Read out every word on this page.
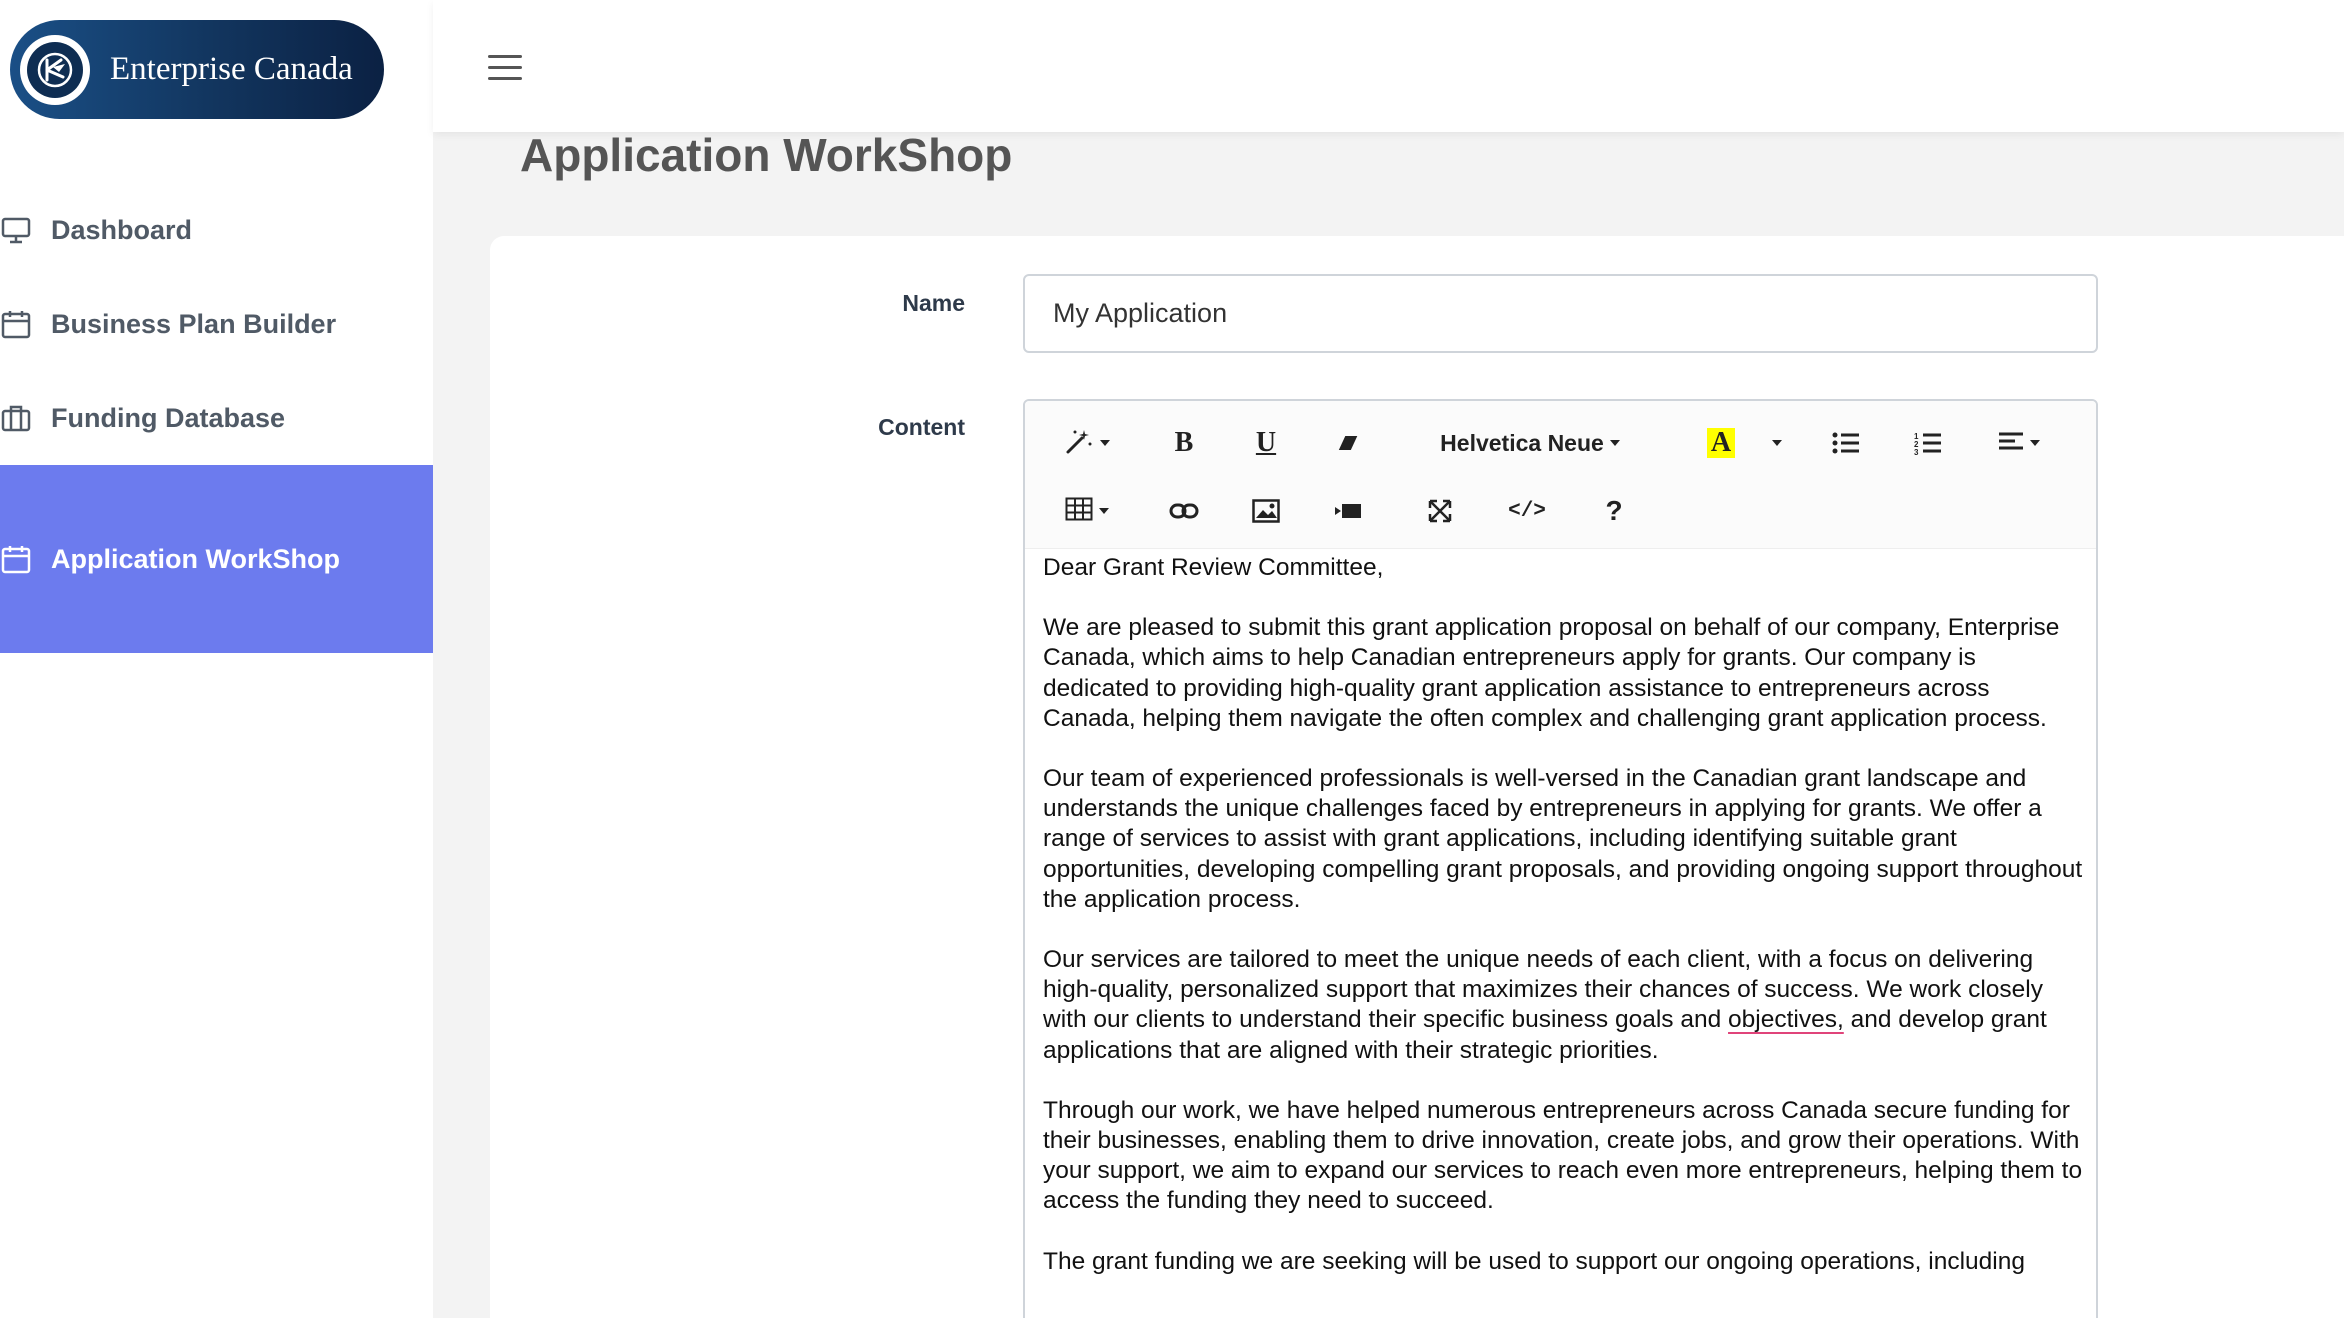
Enterprise Canada
Dashboard
Business Plan Builder
Funding Database
Application WorkShop
Application WorkShop
Name
My Application
Content	B U	Helvetica Neue	A	1
2
3
</> ?

Dear Grant Review Committee,

We are pleased to submit this grant application proposal on behalf of our company, Enterprise Canada, which aims to help Canadian entrepreneurs apply for grants. Our company is dedicated to providing high-quality grant application assistance to entrepreneurs across Canada, helping them navigate the often complex and challenging grant application process.

Our team of experienced professionals is well-versed in the Canadian grant landscape and understands the unique challenges faced by entrepreneurs in applying for grants. We offer a range of services to assist with grant applications, including identifying suitable grant opportunities, developing compelling grant proposals, and providing ongoing support throughout the application process.

Our services are tailored to meet the unique needs of each client, with a focus on delivering high-quality, personalized support that maximizes their chances of success. We work closely with our clients to understand their specific business goals and objectives, and develop grant applications that are aligned with their strategic priorities.

Through our work, we have helped numerous entrepreneurs across Canada secure funding for their businesses, enabling them to drive innovation, create jobs, and grow their operations. With your support, we aim to expand our services to reach even more entrepreneurs, helping them to access the funding they need to succeed.

The grant funding we are seeking will be used to support our ongoing operations, including
